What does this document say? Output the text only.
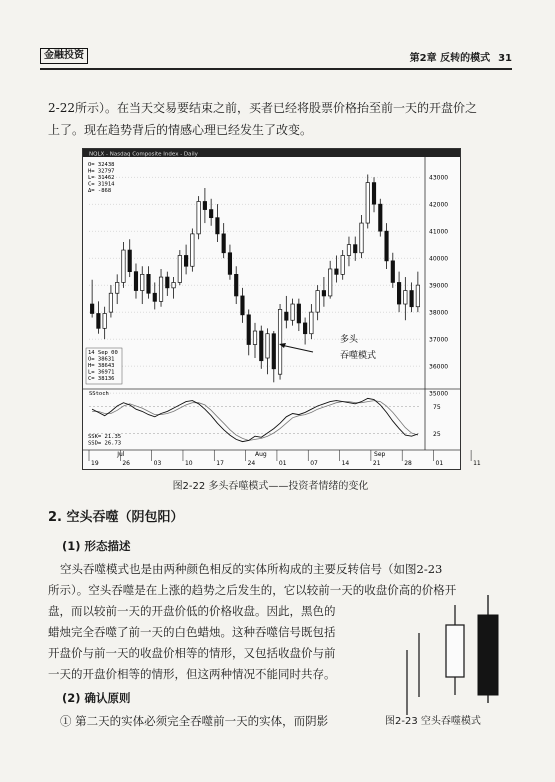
金融投资	第2章 反转的模式 31
2-22所示）。在当天交易要结束之前，买者已经将股票价格抬至前一天的开盘价之
上了。现在趋势背后的情感心理已经发生了改变。
NQLX - Nasdaq Composite Index - Daily
35000
36000
37000
38000
39000
40000
41000
42000
43000
O= 32438
H= 32797
L= 31462
C= 31914
Δ= -868
14 Sep 00
O= 38631
H= 38643
L= 36971
C= 38136
多头
吞噬模式
SStoch
25
75
SSK= 21.35
SSD= 26.73
19	26	03	10	17	24	01	07	14	21	28	01	11
Jul	Aug	Sep
图2-22 多头吞噬模式——投资者情绪的变化
2. 空头吞噬（阴包阳）
(1) 形态描述
空头吞噬模式也是由两种颜色相反的实体所构成的主要反转信号（如图2-23
所示）。空头吞噬是在上涨的趋势之后发生的，它以较前一天的收盘价高的价格开
盘，而以较前一天的开盘价低的价格收盘。因此，黑色的
蜡烛完全吞噬了前一天的白色蜡烛。这种吞噬信号既包括
开盘价与前一天的收盘价相等的情形，又包括收盘价与前
一天的开盘价相等的情形，但这两种情况不能同时共存。
(2) 确认原则
① 第二天的实体必须完全吞噬前一天的实体，而阴影	图2-23 空头吞噬模式
